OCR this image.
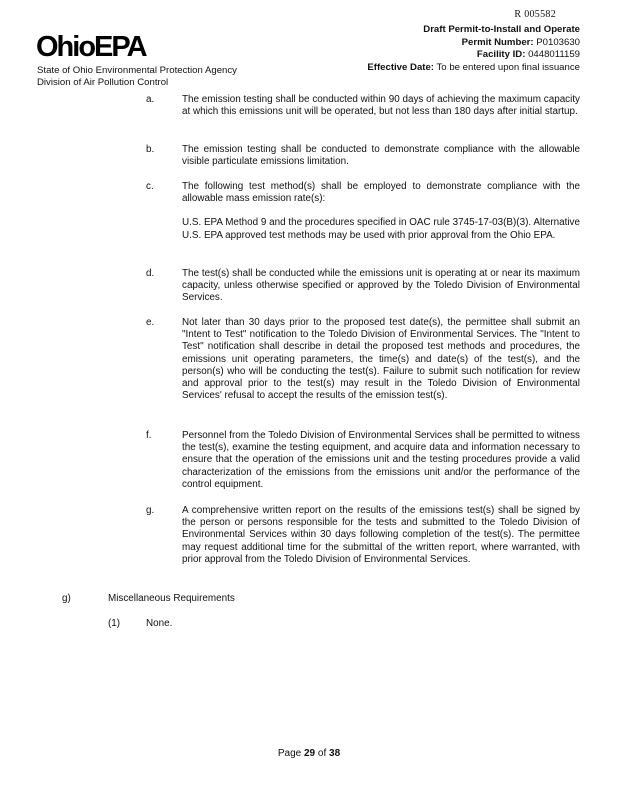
R 005582
OhioEPA
State of Ohio Environmental Protection Agency
Division of Air Pollution Control
Draft Permit-to-Install and Operate
Permit Number: P0103630
Facility ID: 0448011159
Effective Date: To be entered upon final issuance
a.	The emission testing shall be conducted within 90 days of achieving the maximum capacity at which this emissions unit will be operated, but not less than 180 days after initial startup.

b.	The emission testing shall be conducted to demonstrate compliance with the allowable visible particulate emissions limitation.

c.	The following test method(s) shall be employed to demonstrate compliance with the allowable mass emission rate(s):

U.S. EPA Method 9 and the procedures specified in OAC rule 3745-17-03(B)(3). Alternative U.S. EPA approved test methods may be used with prior approval from the Ohio EPA.

d.	The test(s) shall be conducted while the emissions unit is operating at or near its maximum capacity, unless otherwise specified or approved by the Toledo Division of Environmental Services.

e.	Not later than 30 days prior to the proposed test date(s), the permittee shall submit an "Intent to Test" notification to the Toledo Division of Environmental Services. The "Intent to Test" notification shall describe in detail the proposed test methods and procedures, the emissions unit operating parameters, the time(s) and date(s) of the test(s), and the person(s) who will be conducting the test(s). Failure to submit such notification for review and approval prior to the test(s) may result in the Toledo Division of Environmental Services' refusal to accept the results of the emission test(s).

f.	Personnel from the Toledo Division of Environmental Services shall be permitted to witness the test(s), examine the testing equipment, and acquire data and information necessary to ensure that the operation of the emissions unit and the testing procedures provide a valid characterization of the emissions from the emissions unit and/or the performance of the control equipment.

g.	A comprehensive written report on the results of the emissions test(s) shall be signed by the person or persons responsible for the tests and submitted to the Toledo Division of Environmental Services within 30 days following completion of the test(s). The permittee may request additional time for the submittal of the written report, where warranted, with prior approval from the Toledo Division of Environmental Services.

g)	Miscellaneous Requirements
(1)	None.
Page 29 of 38
